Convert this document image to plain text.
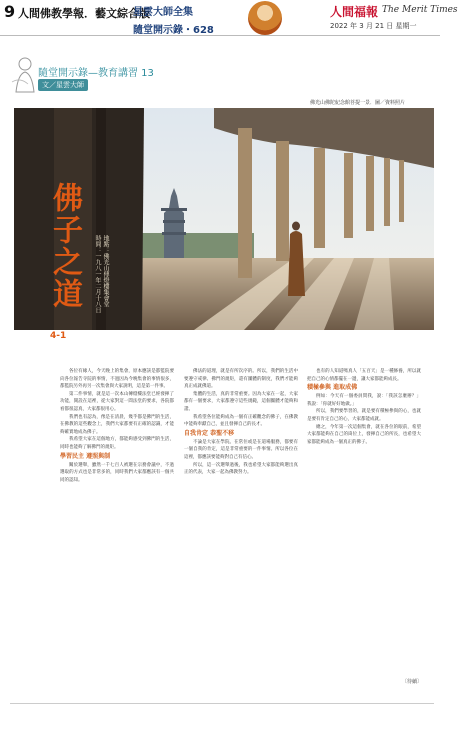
9 人間佛教學報．藝文綜合版
星雲大師全集
隨堂開示錄・628
人間福報 The Merit Times
2022 年 3 月 21 日 星期一
隨堂開示錄—教育講習 13
文／星雲大師
佛光山佛陀紀念館菩提一景．圖／資料照片
佛子之道
4-1
地點：佛光山傳燈樓集會堂
時間：一九八一年二月十八日

各位有緣人，今天晚上的集會，原本應該是都監院要向各位報告寺院的事情，不過因為今晚集會的事情很多，都監院另外再另一次集會與大家說明，這是第一件事。

第二件事情，就是這一次本山傳燈樓法堂已經發揮了功能，開設在這裡，從大家對這一間法堂的要求，各院都看都很認真，大家都很用心。

我們也有認為，像是在清晨，幾乎都是佛門的生活，在佛教的這些觀念上，我們大家都要有正確的認識，才能夠確實地成為佛子。

我希望大家在這個地方，都能夠感受到佛門的生活，同時也能夠了解佛門的規矩。

學習民主 遵照與制

關於選舉，雖然一千七百人被選在宗務會議中，不過選取的方式也是非常多的，同時我們大家都應該有一個共同的認知。

佛法的道理，就是有所次序的。所以，我們的生活中要遵守戒律、佛門的規矩，還有團體的制度，我們才能夠真正成就佛道。

集體的生活，真的非常重要。因為大家在一起，大家都有一個要求，大家都遵守這些規範，這個團體才能夠和諧。

我希望各位能夠成為一個有正確觀念的佛子，在佛教中能夠奉獻自己，並且發揮自己的長才。

自我肯定 恭聖不移

不論是大家在學院、在常住或是在道場服務，都要有一個自我的肯定，這是非常重要的一件事情。所以各位在這裡，都應該要能夠對自己有信心。

所以，這一次選舉過後，我也希望大家都能夠選出真正的代表，大家一起為佛教努力。

也有的人知道嗎真人「五百天」是一種修養，所以就把自己的心情都擺在一邊，讓大家都能夠成長。

積極參與 進取成佛

例如：今天有一個委員問我，說：「我該怎麼辦？」我說：「你就好好地做。」

所以，我們要學習的，就是要有積極參與的心，也就是要有肯定自己的心，大家都能成就。

總之，今年第一次這個集會，就在各位的眼前，希望大家都能夠在自己的崗位上，發揮自己的所長，也希望大家都能夠成為一個真正的佛子。

〔待續〕
